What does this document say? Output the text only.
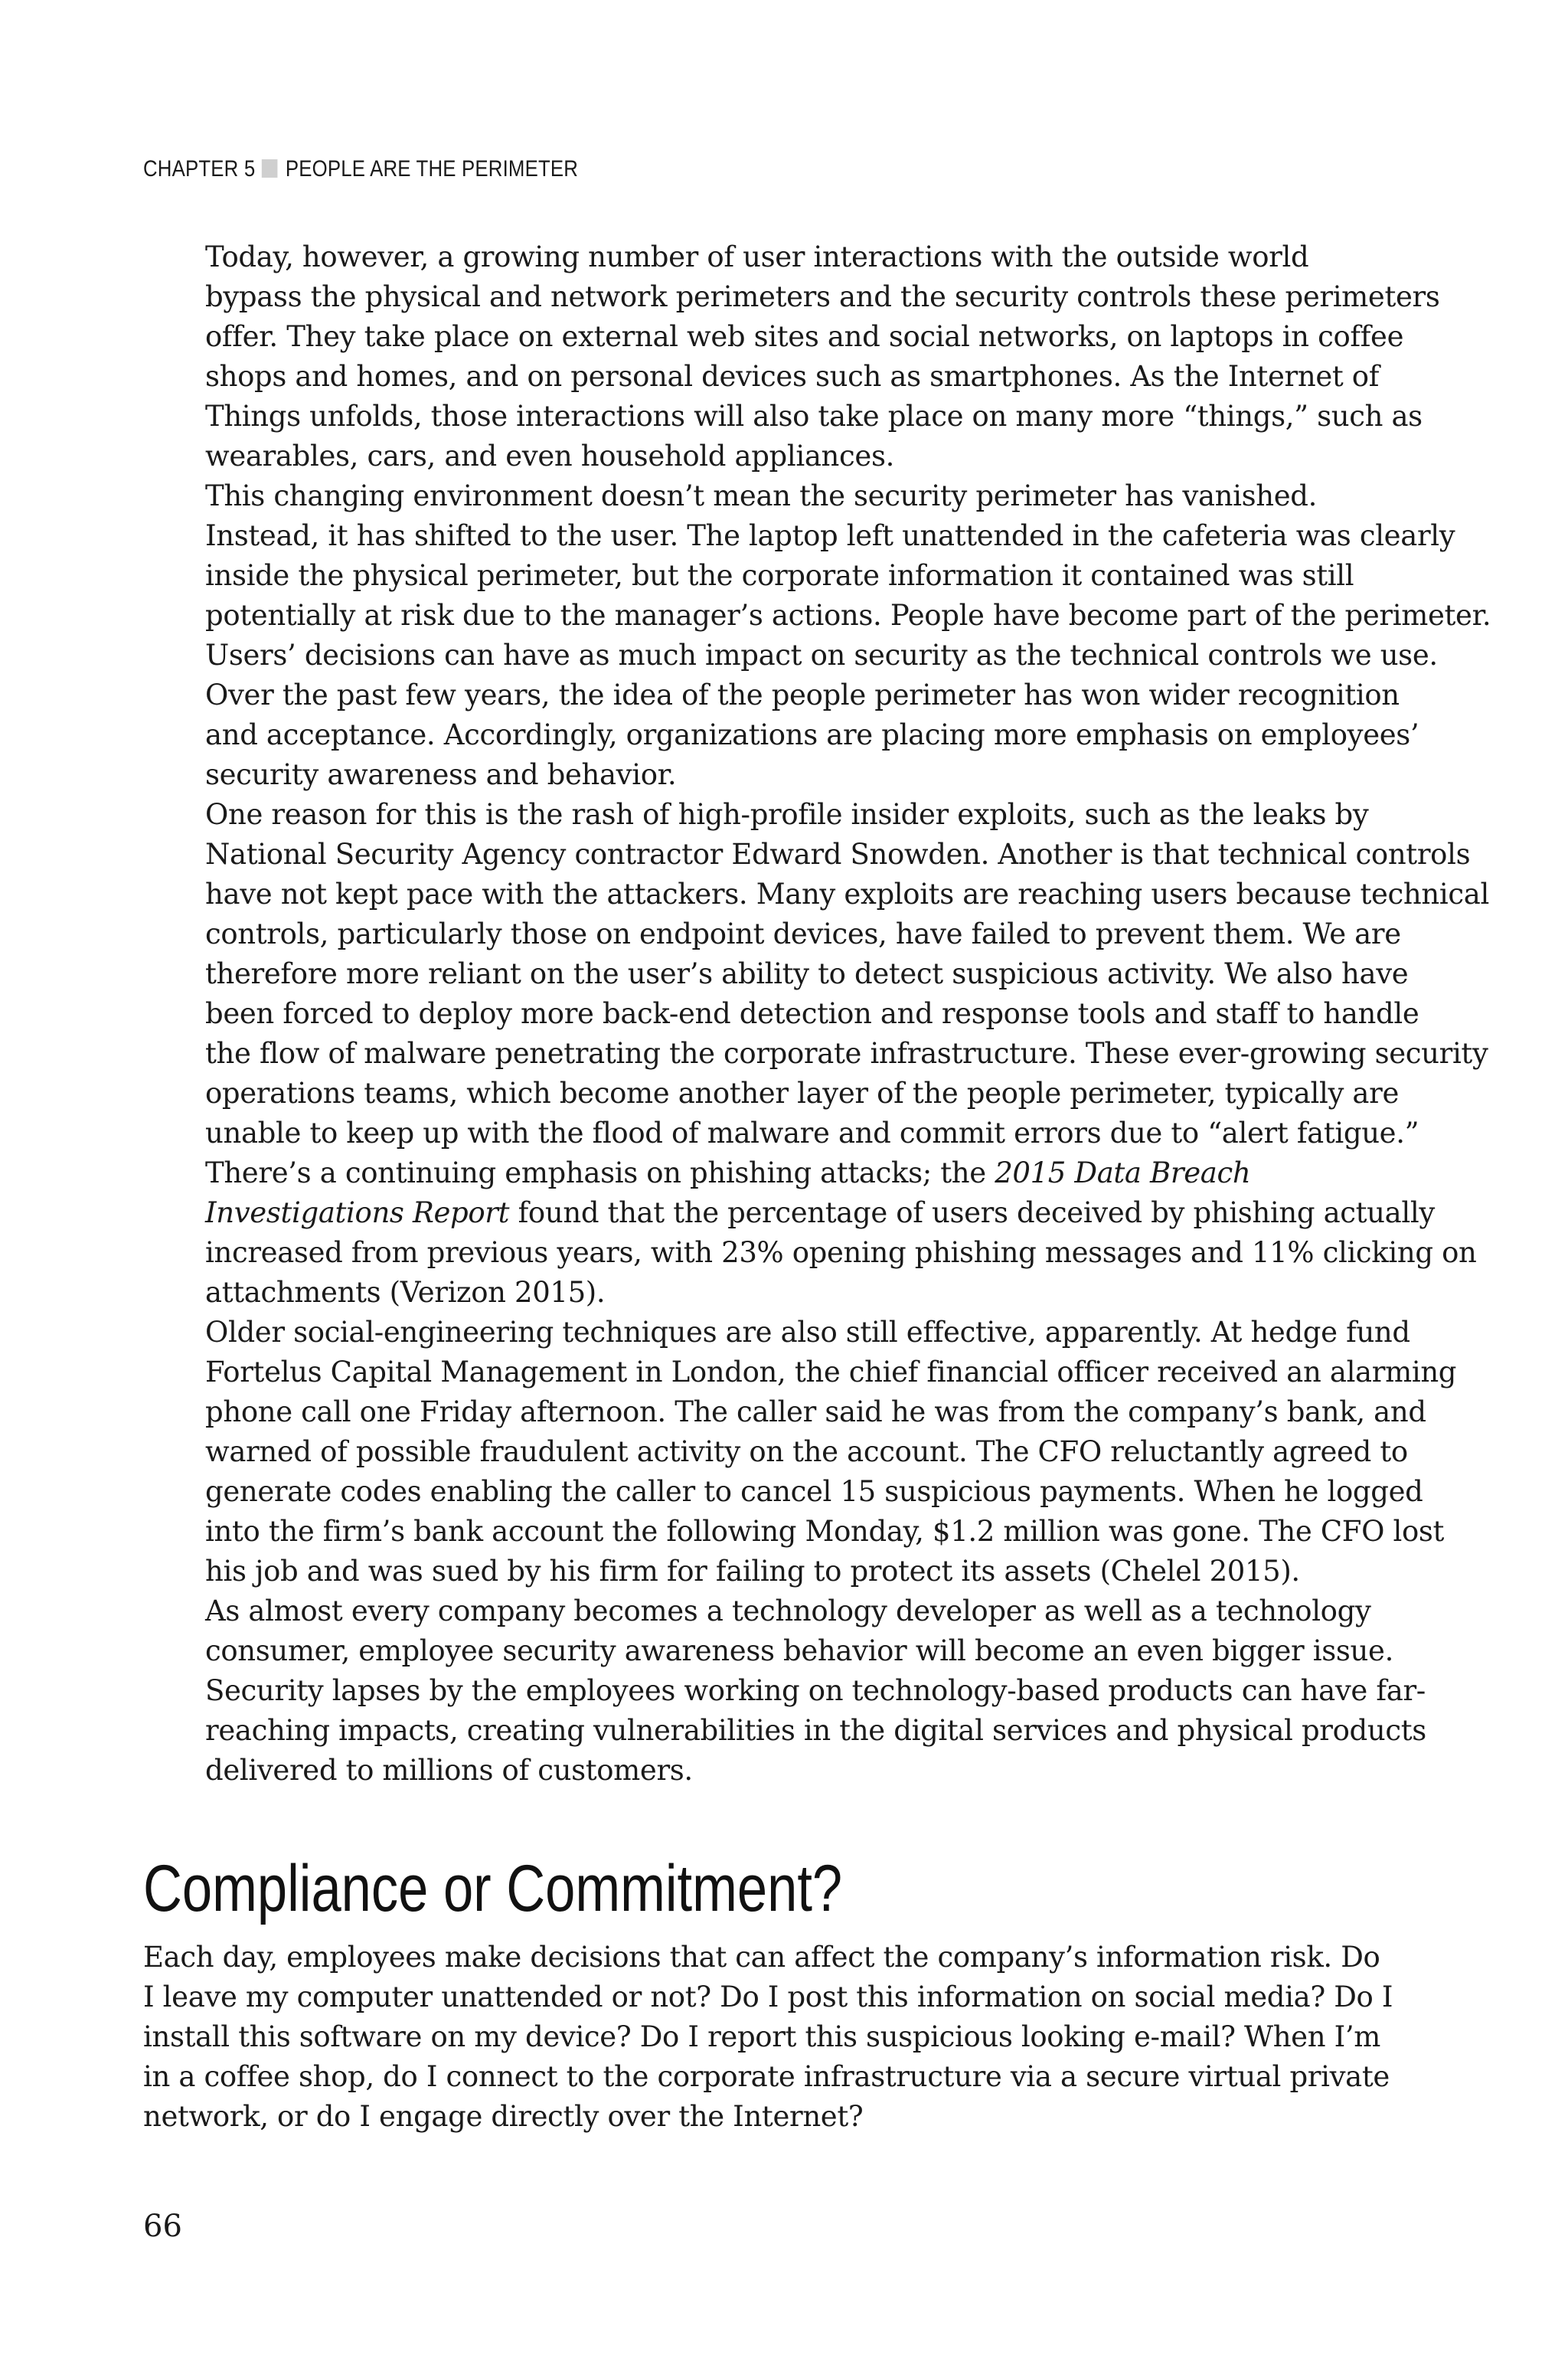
CHAPTER 5 PEOPLE ARE THE PERIMETER

Today, however, a growing number of user interactions with the outside world
bypass the physical and network perimeters and the security controls these perimeters
offer. They take place on external web sites and social networks, on laptops in coffee
shops and homes, and on personal devices such as smartphones. As the Internet of
Things unfolds, those interactions will also take place on many more “things,” such as
wearables, cars, and even household appliances.

This changing environment doesn’t mean the security perimeter has vanished.
Instead, it has shifted to the user. The laptop left unattended in the cafeteria was clearly
inside the physical perimeter, but the corporate information it contained was still
potentially at risk due to the manager’s actions. People have become part of the perimeter.
Users’ decisions can have as much impact on security as the technical controls we use.

Over the past few years, the idea of the people perimeter has won wider recognition
and acceptance. Accordingly, organizations are placing more emphasis on employees’
security awareness and behavior.

One reason for this is the rash of high-profile insider exploits, such as the leaks by
National Security Agency contractor Edward Snowden. Another is that technical controls
have not kept pace with the attackers. Many exploits are reaching users because technical
controls, particularly those on endpoint devices, have failed to prevent them. We are
therefore more reliant on the user’s ability to detect suspicious activity. We also have
been forced to deploy more back-end detection and response tools and staff to handle
the flow of malware penetrating the corporate infrastructure. These ever-growing security
operations teams, which become another layer of the people perimeter, typically are
unable to keep up with the flood of malware and commit errors due to “alert fatigue.”

There’s a continuing emphasis on phishing attacks; the 2015 Data Breach
Investigations Report found that the percentage of users deceived by phishing actually
increased from previous years, with 23% opening phishing messages and 11% clicking on
attachments (Verizon 2015).

Older social-engineering techniques are also still effective, apparently. At hedge fund
Fortelus Capital Management in London, the chief financial officer received an alarming
phone call one Friday afternoon. The caller said he was from the company’s bank, and
warned of possible fraudulent activity on the account. The CFO reluctantly agreed to
generate codes enabling the caller to cancel 15 suspicious payments. When he logged
into the firm’s bank account the following Monday, $1.2 million was gone. The CFO lost
his job and was sued by his firm for failing to protect its assets (Chelel 2015).

As almost every company becomes a technology developer as well as a technology
consumer, employee security awareness behavior will become an even bigger issue.
Security lapses by the employees working on technology-based products can have far-
reaching impacts, creating vulnerabilities in the digital services and physical products
delivered to millions of customers.

Compliance or Commitment?

Each day, employees make decisions that can affect the company’s information risk. Do
I leave my computer unattended or not? Do I post this information on social media? Do I
install this software on my device? Do I report this suspicious looking e-mail? When I’m
in a coffee shop, do I connect to the corporate infrastructure via a secure virtual private
network, or do I engage directly over the Internet?

66
